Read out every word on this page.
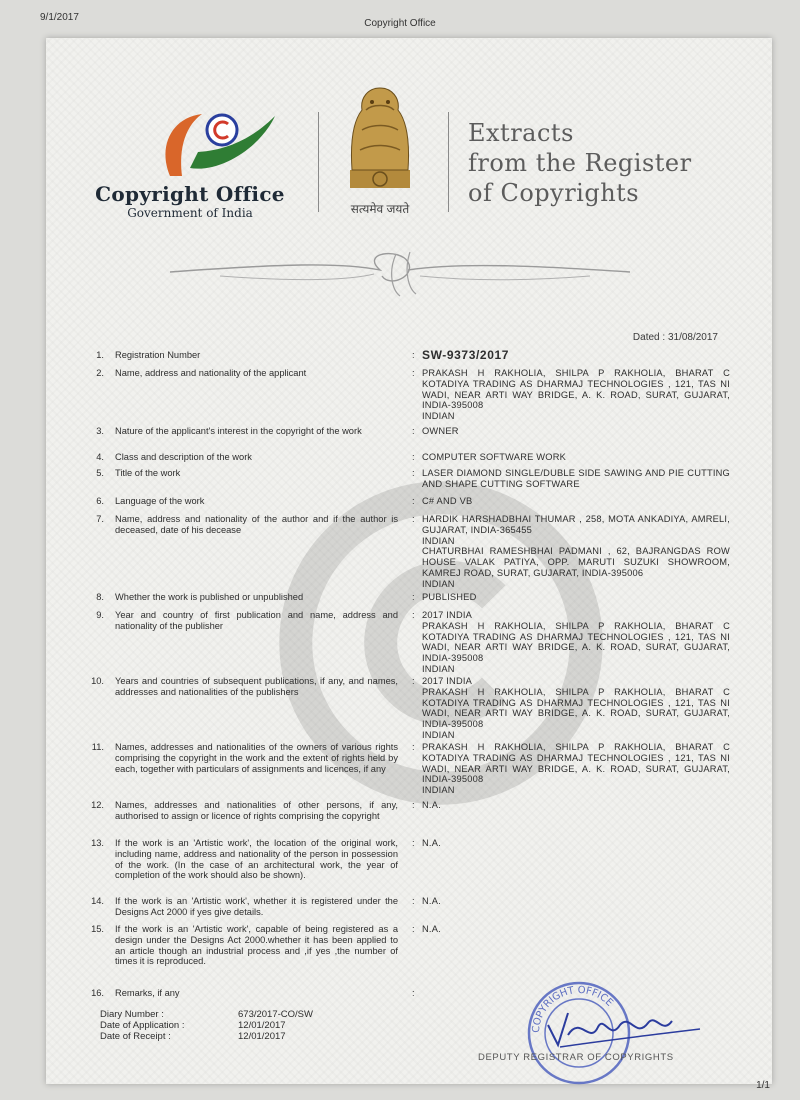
9/1/2017
Copyright Office
Copyright Office
Government of India	सत्यमेव जयते
Extracts
from the Register
of Copyrights
Dated : 31/08/2017
1. Registration Number	: SW-9373/2017
2. Name, address and nationality of the applicant	: PRAKASH H RAKHOLIA, SHILPA P RAKHOLIA, BHARAT C KOTADIYA TRADING AS DHARMAJ TECHNOLOGIES , 121, TAS NI WADI, NEAR ARTI WAY BRIDGE, A. K. ROAD, SURAT, GUJARAT, INDIA-395008
INDIAN
3. Nature of the applicant's interest in the copyright of the work	: OWNER
4. Class and description of the work	: COMPUTER SOFTWARE WORK
5. Title of the work	: LASER DIAMOND SINGLE/DUBLE SIDE SAWING AND PIE CUTTING AND SHAPE CUTTING SOFTWARE
6. Language of the work	: C# AND VB
7. Name, address and nationality of the author and if the author is deceased, date of his decease
: HARDIK HARSHADBHAI THUMAR , 258, MOTA ANKADIYA, AMRELI, GUJARAT, INDIA-365455
INDIAN
CHATURBHAI RAMESHBHAI PADMANI , 62, BAJRANGDAS ROW HOUSE VALAK PATIYA, OPP. MARUTI SUZUKI SHOWROOM, KAMREJ ROAD, SURAT, GUJARAT, INDIA-395006
INDIAN
8. Whether the work is published or unpublished	: PUBLISHED
9. Year and country of first publication and name, address and nationality of the publisher
: 2017 INDIA
PRAKASH H RAKHOLIA, SHILPA P RAKHOLIA, BHARAT C KOTADIYA TRADING AS DHARMAJ TECHNOLOGIES , 121, TAS NI WADI, NEAR ARTI WAY BRIDGE, A. K. ROAD, SURAT, GUJARAT, INDIA-395008
INDIAN
10. Years and countries of subsequent publications, if any, and names, addresses and nationalities of the publishers
: 2017 INDIA
PRAKASH H RAKHOLIA, SHILPA P RAKHOLIA, BHARAT C KOTADIYA TRADING AS DHARMAJ TECHNOLOGIES , 121, TAS NI WADI, NEAR ARTI WAY BRIDGE, A. K. ROAD, SURAT, GUJARAT, INDIA-395008
INDIAN
11. Names, addresses and nationalities of the owners of various rights comprising the copyright in the work and the extent of rights held by each, together with particulars of assignments and licences, if any
: PRAKASH H RAKHOLIA, SHILPA P RAKHOLIA, BHARAT C KOTADIYA TRADING AS DHARMAJ TECHNOLOGIES , 121, TAS NI WADI, NEAR ARTI WAY BRIDGE, A. K. ROAD, SURAT, GUJARAT, INDIA-395008
INDIAN
12. Names, addresses and nationalities of other persons, if any, authorised to assign or licence of rights comprising the copyright
: N.A.
13. If the work is an 'Artistic work', the location of the original work, including name, address and nationality of the person in possession of the work. (In the case of an architectural work, the year of completion of the work should also be shown).
: N.A.
14. If the work is an 'Artistic work', whether it is registered under the Designs Act 2000 if yes give details.
: N.A.
15. If the work is an 'Artistic work', capable of being registered as a design under the Designs Act 2000.whether it has been applied to an article though an industrial process and ,if yes ,the number of times it is reproduced.
: N.A.
16. Remarks, if any	:
Diary Number :	673/2017-CO/SW
Date of Application :	12/01/2017
Date of Receipt :	12/01/2017
COPYRIGHT OFFICE
DEPUTY REGISTRAR OF COPYRIGHTS
1/1
